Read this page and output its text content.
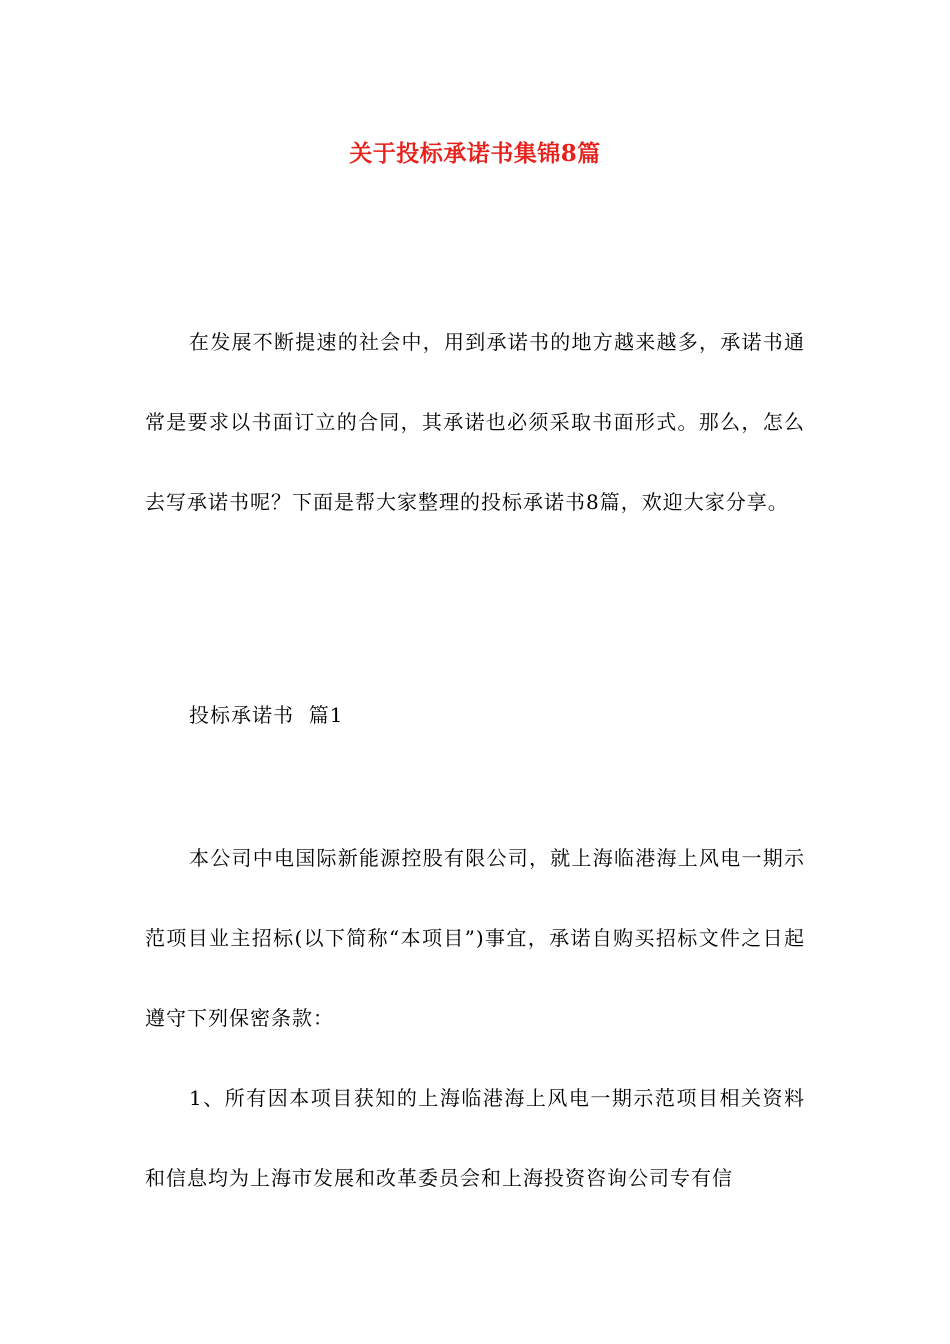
关于投标承诺书集锦8篇

在发展不断提速的社会中，用到承诺书的地方越来越多，承诺书通常是要求以书面订立的合同，其承诺也必须采取书面形式。那么，怎么去写承诺书呢？下面是帮大家整理的投标承诺书8篇，欢迎大家分享。

投标承诺书  篇1

本公司中电国际新能源控股有限公司，就上海临港海上风电一期示范项目业主招标(以下简称“本项目”)事宜，承诺自购买招标文件之日起遵守下列保密条款：

1、所有因本项目获知的上海临港海上风电一期示范项目相关资料和信息均为上海市发展和改革委员会和上海投资咨询公司专有信
